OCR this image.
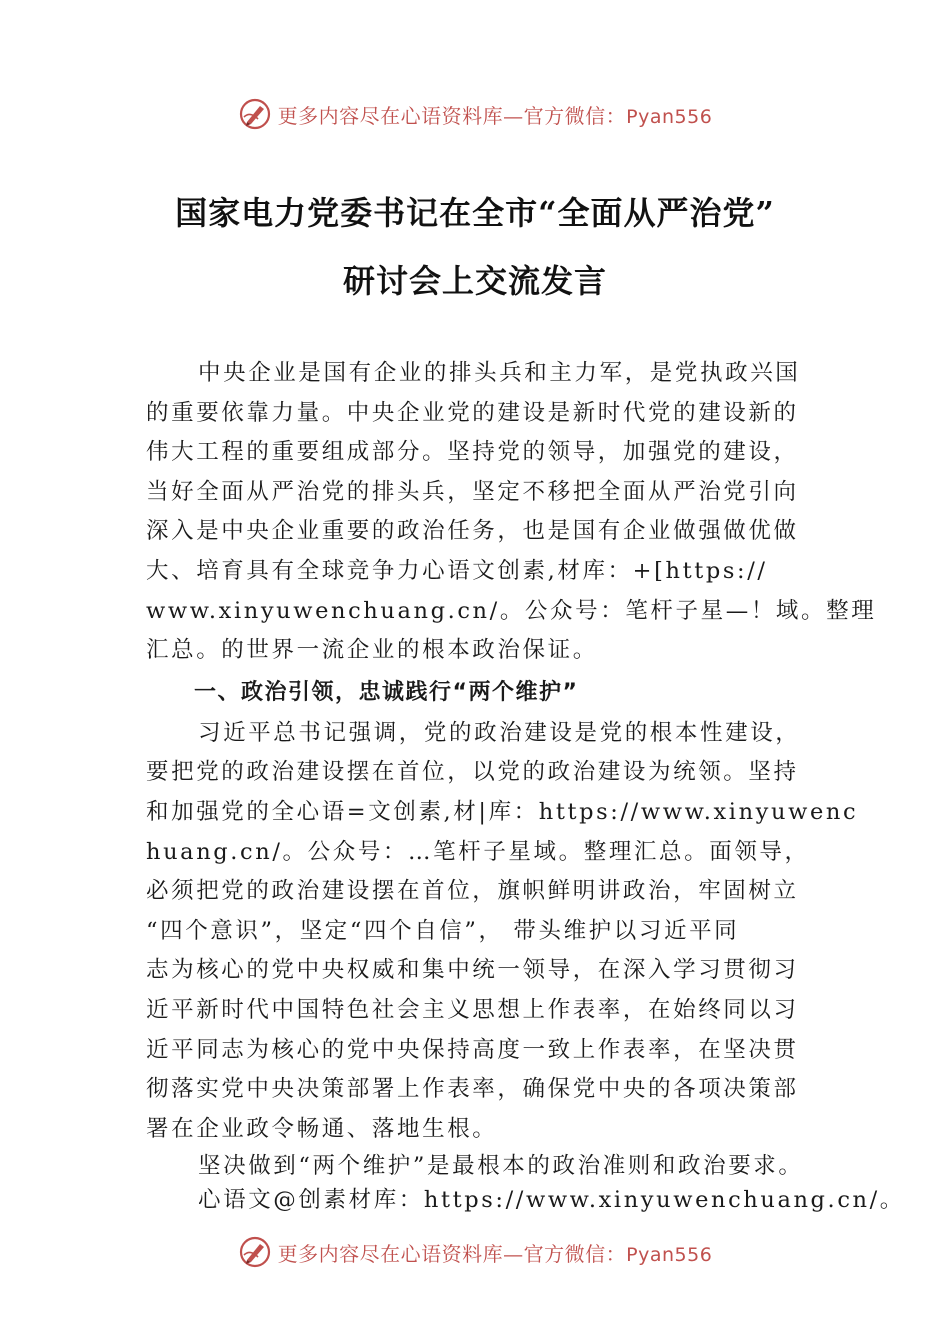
更多内容尽在心语资料库—官方微信：Pyan556
国家电力党委书记在全市“全面从严治党”
研讨会上交流发言
中央企业是国有企业的排头兵和主力军，是党执政兴国
的重要依靠力量。中央企业党的建设是新时代党的建设新的
伟大工程的重要组成部分。坚持党的领导，加强党的建设，
当好全面从严治党的排头兵，坚定不移把全面从严治党引向
深入是中央企业重要的政治任务，也是国有企业做强做优做
大、培育具有全球竞争力心语文创素,材库：+[https://
www.xinyuwenchuang.cn/。公众号：笔杆子星—！域。整理
汇总。的世界一流企业的根本政治保证。
一、政治引领，忠诚践行“两个维护”
习近平总书记强调，党的政治建设是党的根本性建设，
要把党的政治建设摆在首位，以党的政治建设为统领。坚持
和加强党的全心语=文创素,材|库：https://www.xinyuwenc
huang.cn/。公众号：…笔杆子星域。整理汇总。面领导，
必须把党的政治建设摆在首位，旗帜鲜明讲政治，牢固树立
“四个意识”，坚定“四个自信”， 带头维护以习近平同
志为核心的党中央权威和集中统一领导，在深入学习贯彻习
近平新时代中国特色社会主义思想上作表率，在始终同以习
近平同志为核心的党中央保持高度一致上作表率，在坚决贯
彻落实党中央决策部署上作表率，确保党中央的各项决策部
署在企业政令畅通、落地生根。
坚决做到“两个维护”是最根本的政治准则和政治要求。
心语文@创素材库：https://www.xinyuwenchuang.cn/。
更多内容尽在心语资料库—官方微信：Pyan556
